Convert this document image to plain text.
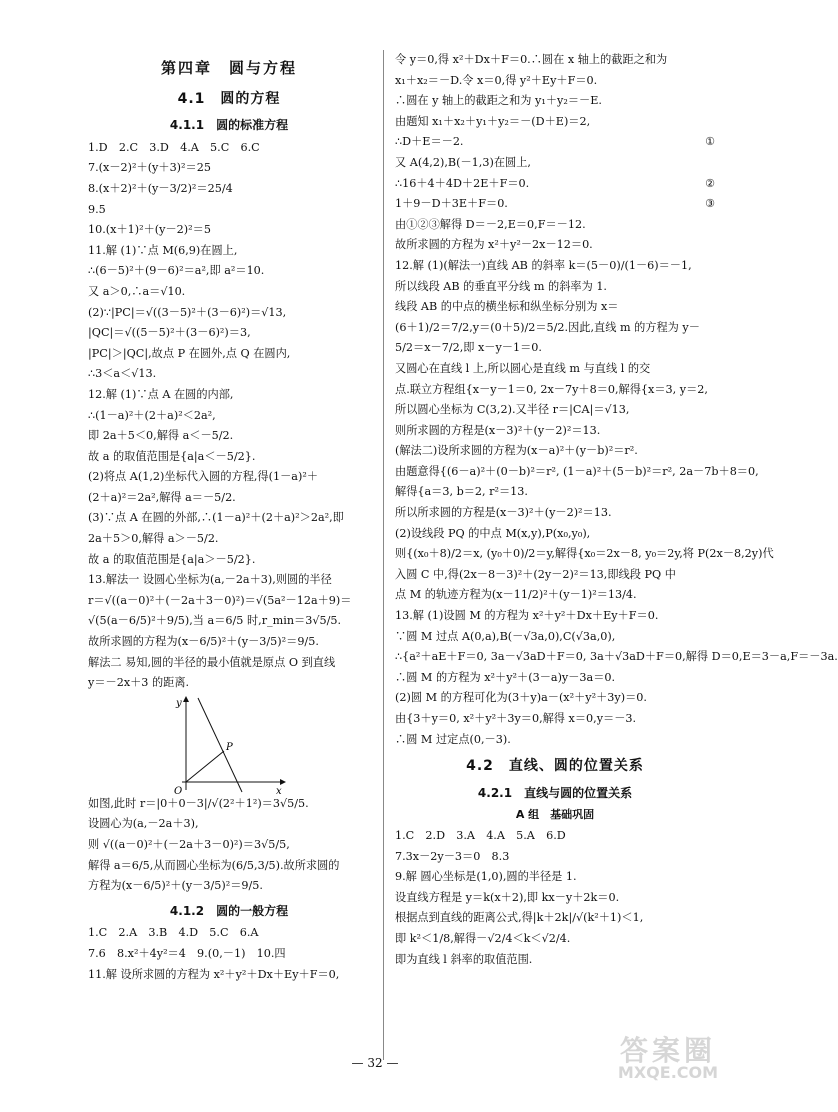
第四章　圆与方程
4.1　圆的方程
4.1.1　圆的标准方程
1.D　2.C　3.D　4.A　5.C　6.C
7.(x－2)²＋(y＋3)²＝25
8.(x＋2)²＋(y－3/2)²＝25/4
9.5
10.(x＋1)²＋(y－2)²＝5
11.解 (1)∵点 M(6,9)在圆上,
∴(6－5)²＋(9－6)²＝a²,即 a²＝10.
又 a＞0,∴a＝√10.
(2)∵|PC|＝√((3－5)²＋(3－6)²)＝√13,
|QC|＝√((5－5)²＋(3－6)²)＝3,
|PC|＞|QC|,故点 P 在圆外,点 Q 在圆内,
∴3＜a＜√13.
12.解 (1)∵点 A 在圆的内部,
∴(1－a)²＋(2＋a)²＜2a²,
即 2a＋5＜0,解得 a＜－5/2.
故 a 的取值范围是{a|a＜－5/2}.
(2)将点 A(1,2)坐标代入圆的方程,得(1－a)²＋
(2＋a)²＝2a²,解得 a＝－5/2.
(3)∵点 A 在圆的外部,∴(1－a)²＋(2＋a)²＞2a²,即
2a＋5＞0,解得 a＞－5/2.
故 a 的取值范围是{a|a＞－5/2}.
13.解法一 设圆心坐标为(a,－2a＋3),则圆的半径
r＝√((a－0)²＋(－2a＋3－0)²)＝√(5a²－12a＋9)＝
√(5(a－6/5)²＋9/5),当 a＝6/5 时,r_min＝3√5/5.
故所求圆的方程为(x－6/5)²＋(y－3/5)²＝9/5.
解法二 易知,圆的半径的最小值就是原点 O 到直线
y＝－2x＋3 的距离.
y
x
O
P
如图,此时 r＝|0＋0－3|/√(2²＋1²)＝3√5/5.
设圆心为(a,－2a＋3),
则 √((a－0)²＋(－2a＋3－0)²)＝3√5/5,
解得 a＝6/5,从而圆心坐标为(6/5,3/5).故所求圆的
方程为(x－6/5)²＋(y－3/5)²＝9/5.
4.1.2　圆的一般方程
1.C　2.A　3.B　4.D　5.C　6.A
7.6　8.x²＋4y²＝4　9.(0,－1)　10.四
11.解 设所求圆的方程为 x²＋y²＋Dx＋Ey＋F＝0,
令 y＝0,得 x²＋Dx＋F＝0.∴圆在 x 轴上的截距之和为
x₁＋x₂＝－D.令 x＝0,得 y²＋Ey＋F＝0.
∴圆在 y 轴上的截距之和为 y₁＋y₂＝－E.
由题知 x₁＋x₂＋y₁＋y₂＝－(D＋E)＝2,
∴D＋E＝－2.	①
又 A(4,2),B(－1,3)在圆上,
∴16＋4＋4D＋2E＋F＝0.	②
1＋9－D＋3E＋F＝0.	③
由①②③解得 D＝－2,E＝0,F＝－12.
故所求圆的方程为 x²＋y²－2x－12＝0.
12.解 (1)(解法一)直线 AB 的斜率 k＝(5－0)/(1－6)＝－1,
所以线段 AB 的垂直平分线 m 的斜率为 1.
线段 AB 的中点的横坐标和纵坐标分别为 x＝
(6＋1)/2＝7/2,y＝(0＋5)/2＝5/2.因此,直线 m 的方程为 y－
5/2＝x－7/2,即 x－y－1＝0.
又圆心在直线 l 上,所以圆心是直线 m 与直线 l 的交
点.联立方程组{x－y－1＝0, 2x－7y＋8＝0,解得{x＝3, y＝2,
所以圆心坐标为 C(3,2).又半径 r＝|CA|＝√13,
则所求圆的方程是(x－3)²＋(y－2)²＝13.
(解法二)设所求圆的方程为(x－a)²＋(y－b)²＝r².
由题意得{(6－a)²＋(0－b)²＝r², (1－a)²＋(5－b)²＝r², 2a－7b＋8＝0,
解得{a＝3, b＝2, r²＝13.
所以所求圆的方程是(x－3)²＋(y－2)²＝13.
(2)设线段 PQ 的中点 M(x,y),P(x₀,y₀),
则{(x₀＋8)/2＝x, (y₀＋0)/2＝y,解得{x₀＝2x－8, y₀＝2y,将 P(2x－8,2y)代
入圆 C 中,得(2x－8－3)²＋(2y－2)²＝13,即线段 PQ 中
点 M 的轨迹方程为(x－11/2)²＋(y－1)²＝13/4.
13.解 (1)设圆 M 的方程为 x²＋y²＋Dx＋Ey＋F＝0.
∵圆 M 过点 A(0,a),B(－√3a,0),C(√3a,0),
∴{a²＋aE＋F＝0, 3a－√3aD＋F＝0, 3a＋√3aD＋F＝0,解得 D＝0,E＝3－a,F＝－3a.
∴圆 M 的方程为 x²＋y²＋(3－a)y－3a＝0.
(2)圆 M 的方程可化为(3＋y)a－(x²＋y²＋3y)＝0.
由{3＋y＝0, x²＋y²＋3y＝0,解得 x＝0,y＝－3.
∴圆 M 过定点(0,－3).
4.2　直线、圆的位置关系
4.2.1　直线与圆的位置关系
A 组　基础巩固
1.C　2.D　3.A　4.A　5.A　6.D
7.3x－2y－3＝0　8.3
9.解 圆心坐标是(1,0),圆的半径是 1.
设直线方程是 y＝k(x＋2),即 kx－y＋2k＝0.
根据点到直线的距离公式,得|k＋2k|/√(k²＋1)＜1,
即 k²＜1/8,解得－√2/4＜k＜√2/4.
即为直线 l 斜率的取值范围.
— 32 —	答案圈
MXQE.COM
